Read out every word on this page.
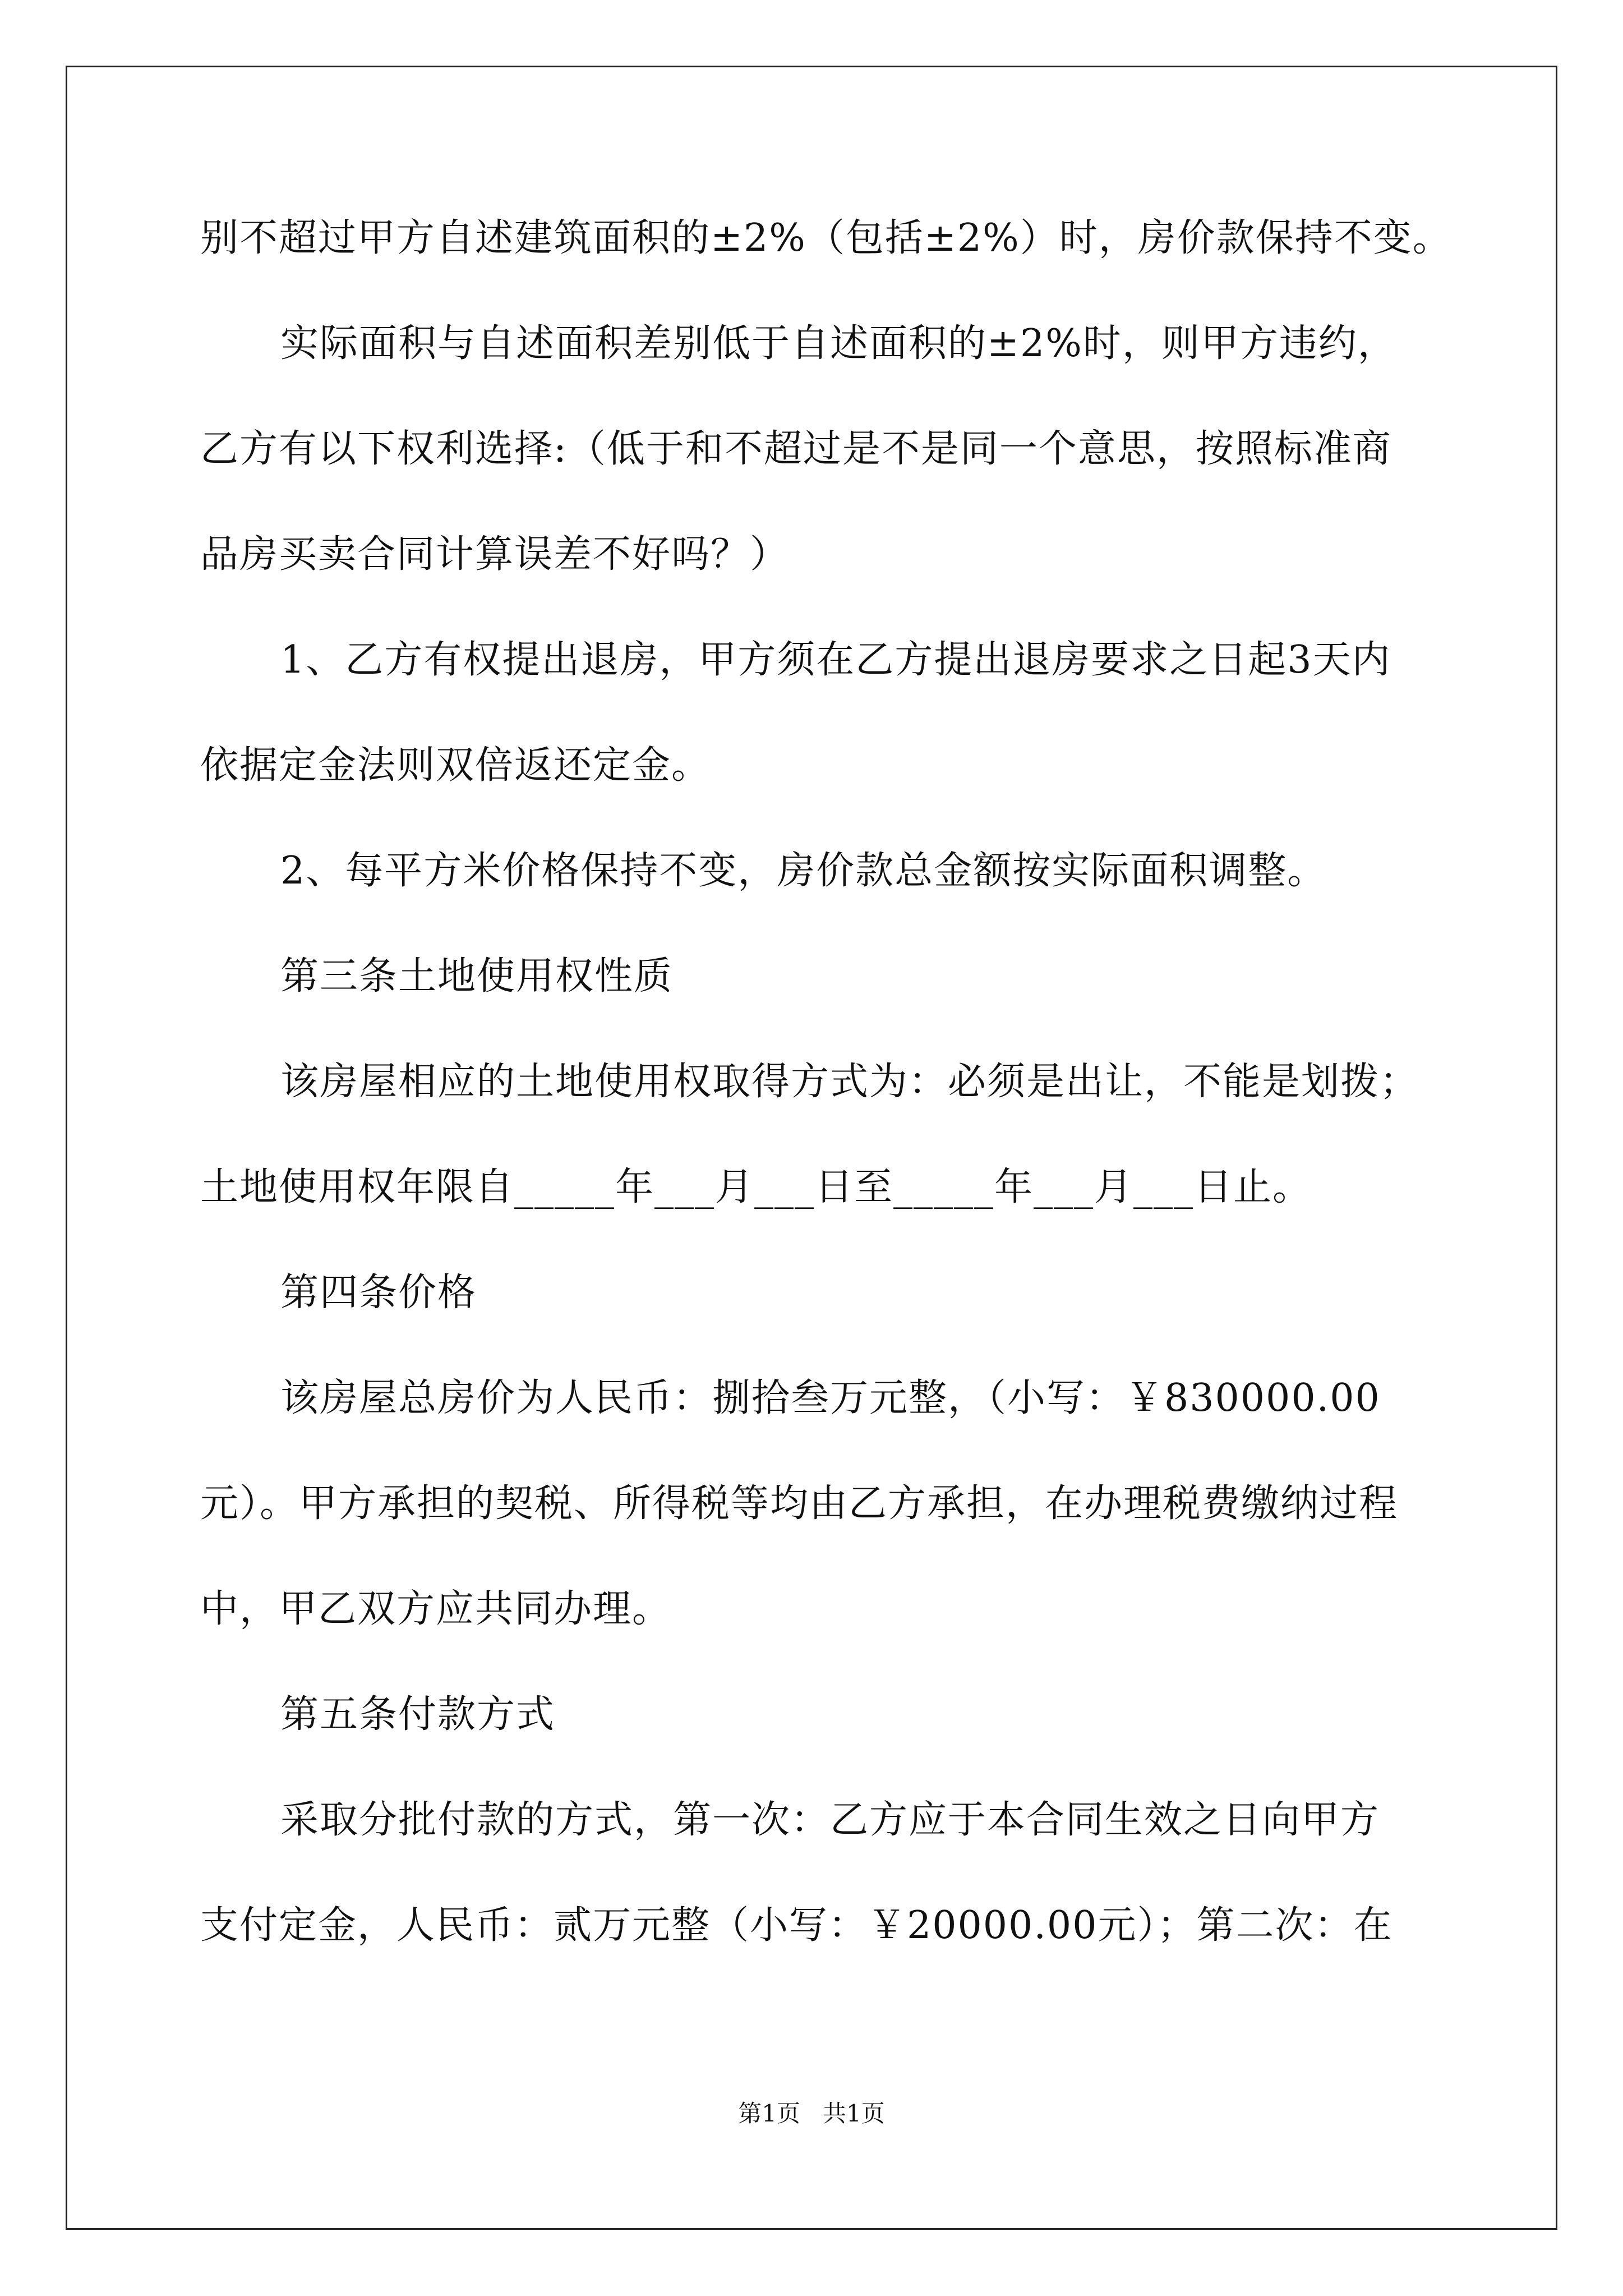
别不超过甲方自述建筑面积的±2%（包括±2%）时，房价款保持不变。
实际面积与自述面积差别低于自述面积的±2%时，则甲方违约，
乙方有以下权利选择:（低于和不超过是不是同一个意思，按照标准商
品房买卖合同计算误差不好吗？）
1、乙方有权提出退房，甲方须在乙方提出退房要求之日起3天内
依据定金法则双倍返还定金。
2、每平方米价格保持不变，房价款总金额按实际面积调整。
第三条土地使用权性质
该房屋相应的土地使用权取得方式为：必须是出让，不能是划拨；
土地使用权年限自_____年___月___日至_____年___月___日止。
第四条价格
该房屋总房价为人民币：捌拾叁万元整，（小写：￥830000.00
元）。甲方承担的契税、所得税等均由乙方承担，在办理税费缴纳过程
中，甲乙双方应共同办理。
第五条付款方式
采取分批付款的方式，第一次：乙方应于本合同生效之日向甲方
支付定金，人民币：贰万元整（小写：￥20000.00元）；第二次：在
第1页   共1页
